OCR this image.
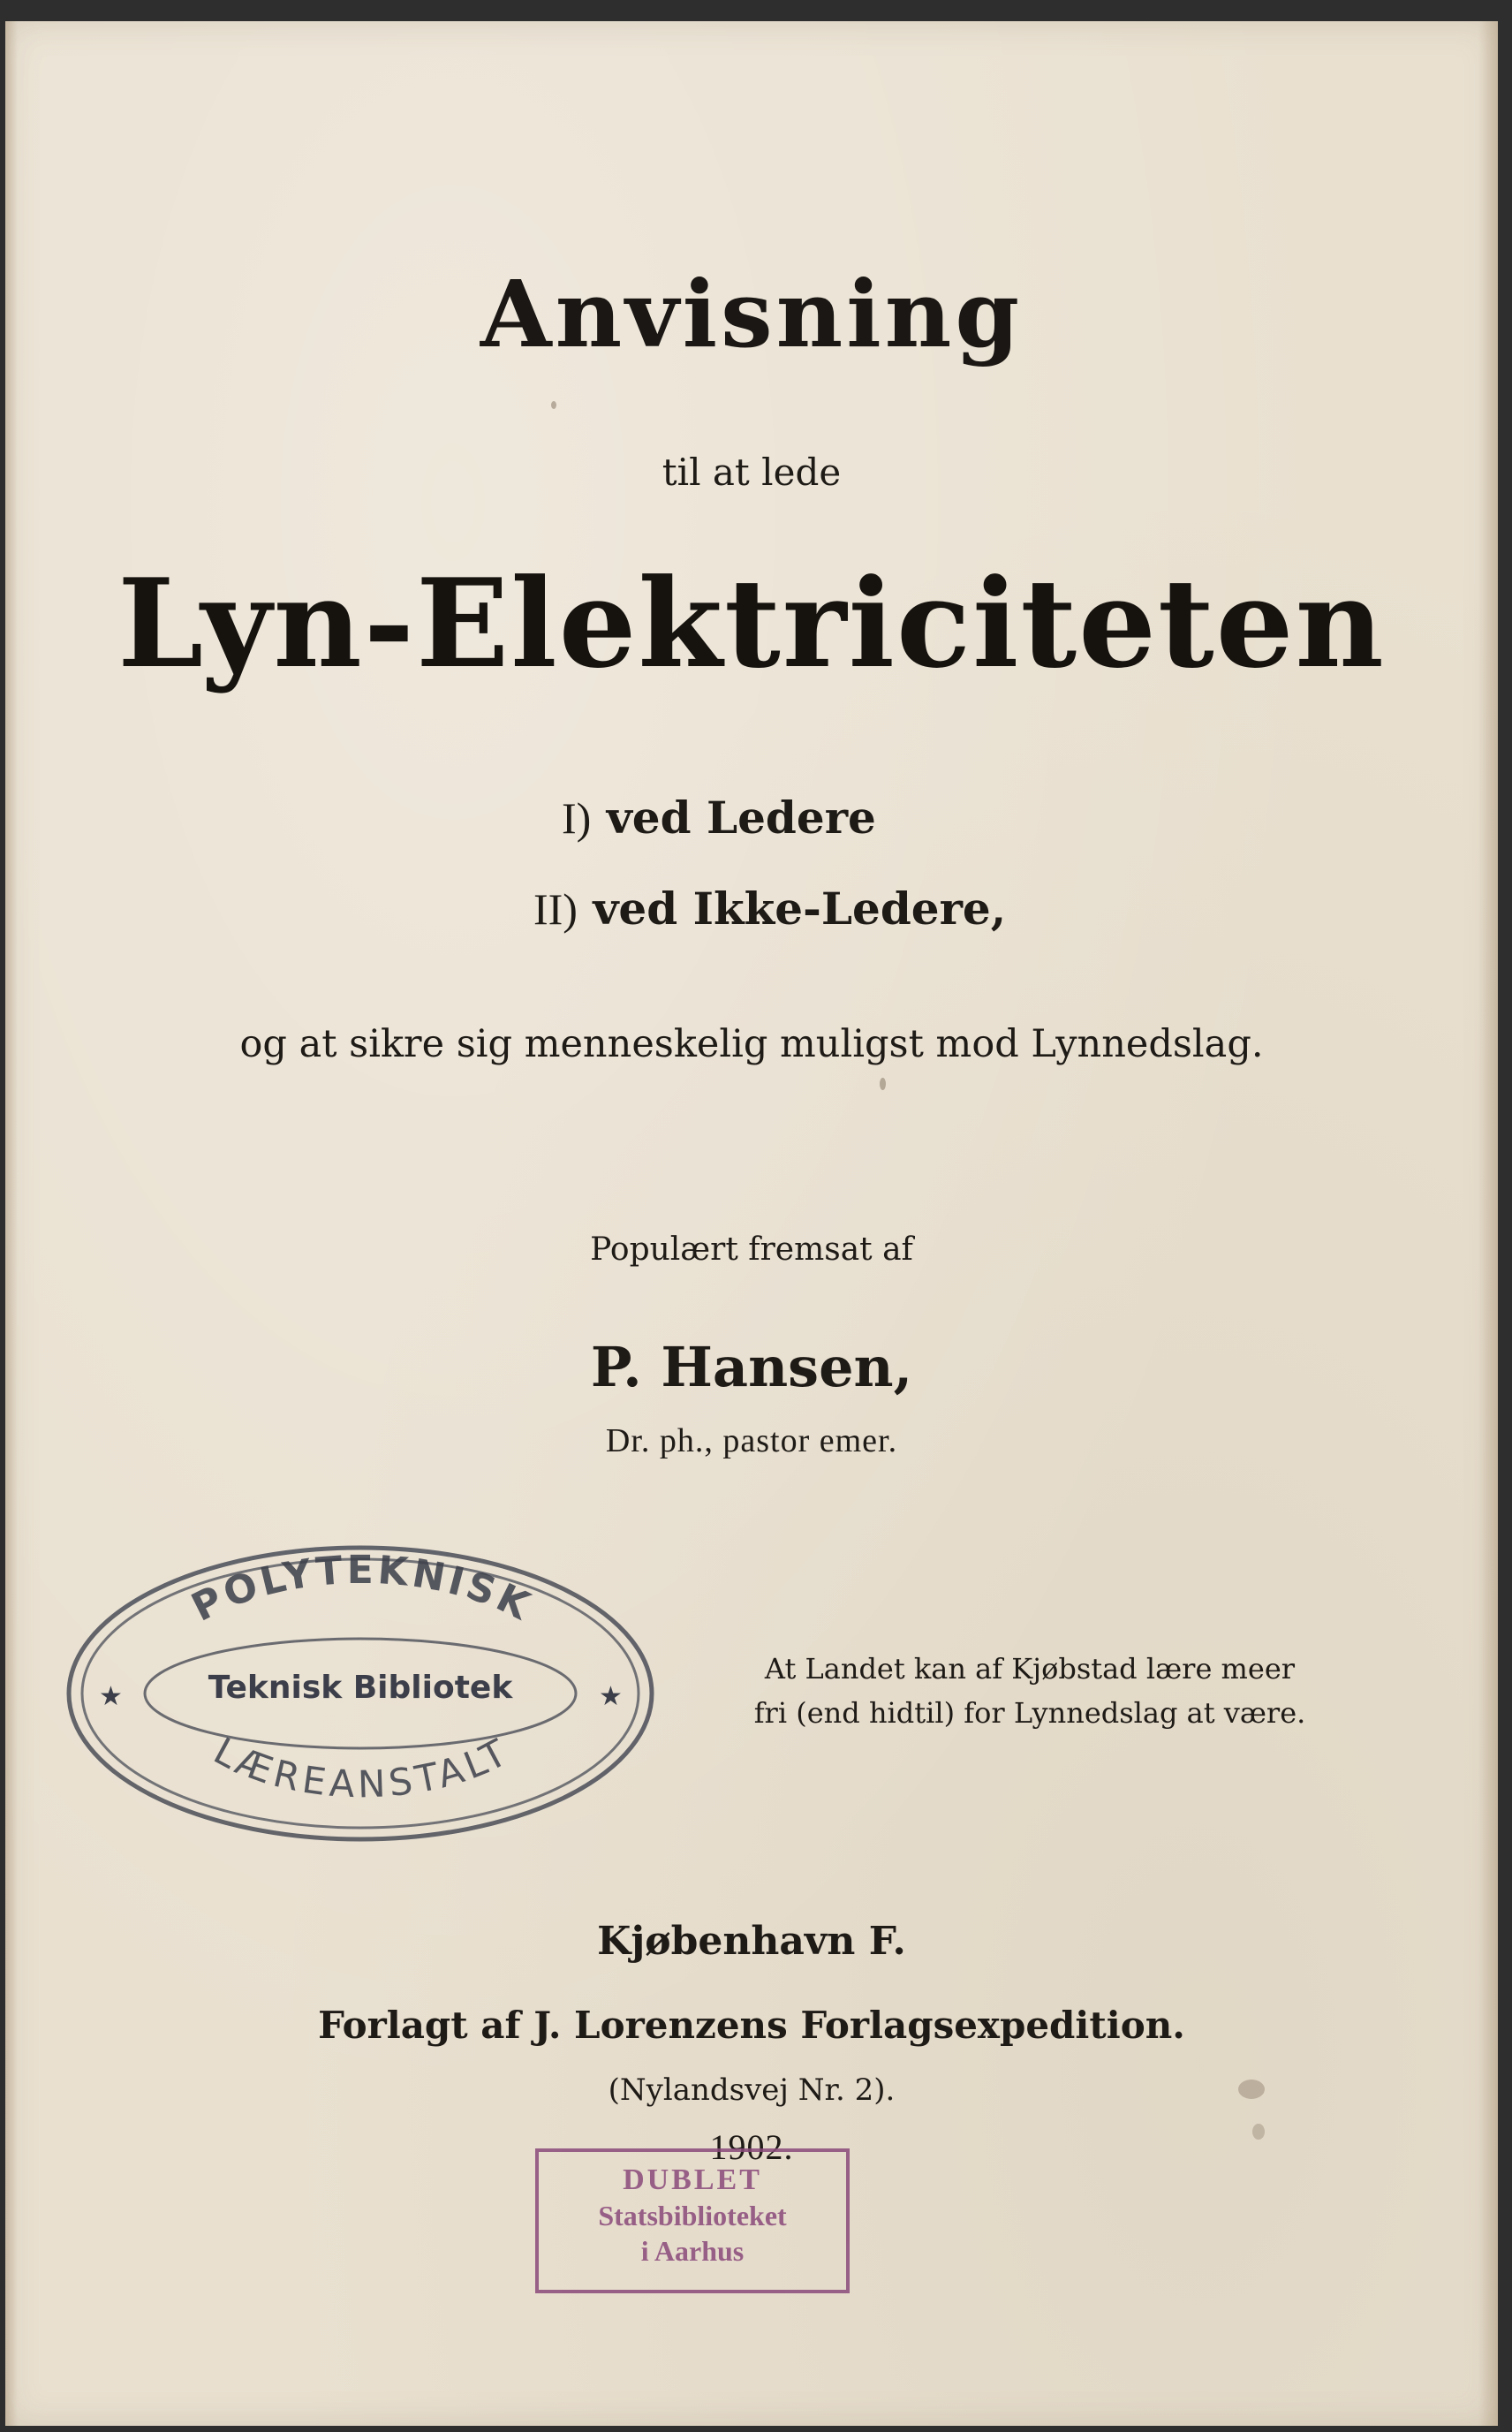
Anvisning
til at lede
Lyn-Elektriciteten
I) ved Ledere
II) ved Ikke-Ledere,
og at sikre sig menneskelig muligst mod Lynnedslag.
Populært fremsat af
P. Hansen,
Dr. ph., pastor emer.
POLYTEKNISK
LÆREANSTALT
★	★
Teknisk Bibliotek
At Landet kan af Kjøbstad lære meer
fri (end hidtil) for Lynnedslag at være.
Kjøbenhavn F.
Forlagt af J. Lorenzens Forlagsexpedition.
(Nylandsvej Nr. 2).
1902.
DUBLET
Statsbiblioteket
i Aarhus
